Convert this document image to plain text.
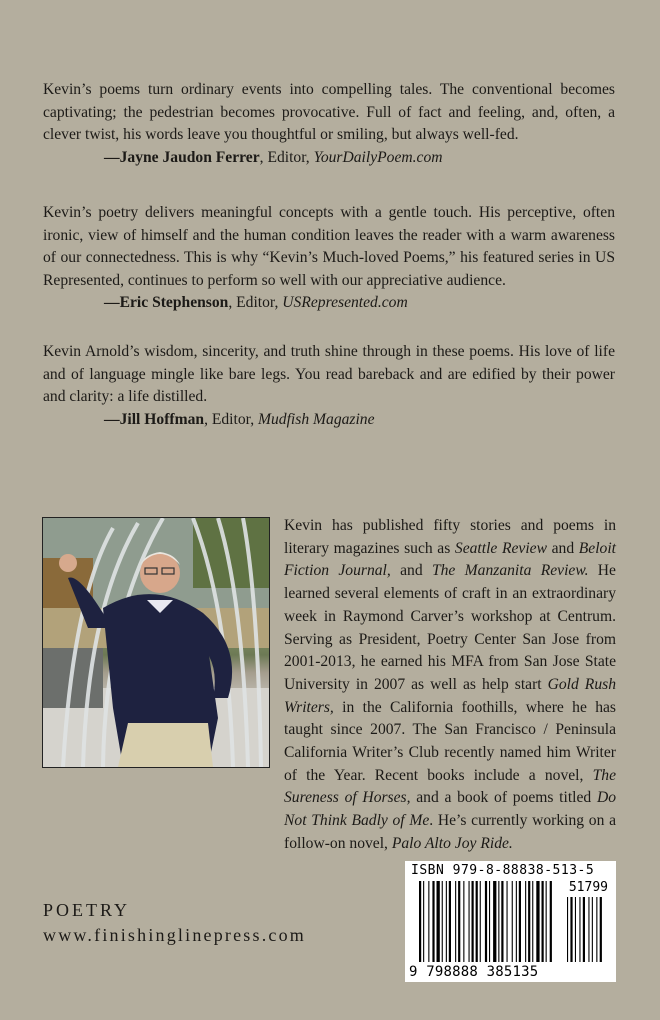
Kevin’s poems turn ordinary events into compelling tales. The conventional becomes captivating; the pedestrian becomes provocative. Full of fact and feeling, and, often, a clever twist, his words leave you thoughtful or smiling, but always well-fed.

—Jayne Jaudon Ferrer, Editor, YourDailyPoem.com

Kevin’s poetry delivers meaningful concepts with a gentle touch. His perceptive, often ironic, view of himself and the human condition leaves the reader with a warm awareness of our connectedness. This is why “Kevin’s Much-loved Poems,” his featured series in US Represented, continues to perform so well with our appreciative audience.

—Eric Stephenson, Editor, USRepresented.com

Kevin Arnold’s wisdom, sincerity, and truth shine through in these poems. His love of life and of language mingle like bare legs. You read bareback and are edified by their power and clarity: a life distilled.

—Jill Hoffman, Editor, Mudfish Magazine

Kevin has published fifty stories and poems in literary magazines such as Seattle Review and Beloit Fiction Journal, and The Manzanita Review. He learned several elements of craft in an extraordinary week in Raymond Carver’s workshop at Centrum. Serving as President, Poetry Center San Jose from 2001-2013, he earned his MFA from San Jose State University in 2007 as well as help start Gold Rush Writers, in the California foothills, where he has taught since 2007. The San Francisco / Peninsula California Writer’s Club recently named him Writer of the Year. Recent books include a novel, The Sureness of Horses, and a book of poems titled Do Not Think Badly of Me. He’s currently working on a follow-on novel, Palo Alto Joy Ride.

POETRY
www.finishinglinepress.com
ISBN 979-8-88838-513-5
51799
9 798888 385135
